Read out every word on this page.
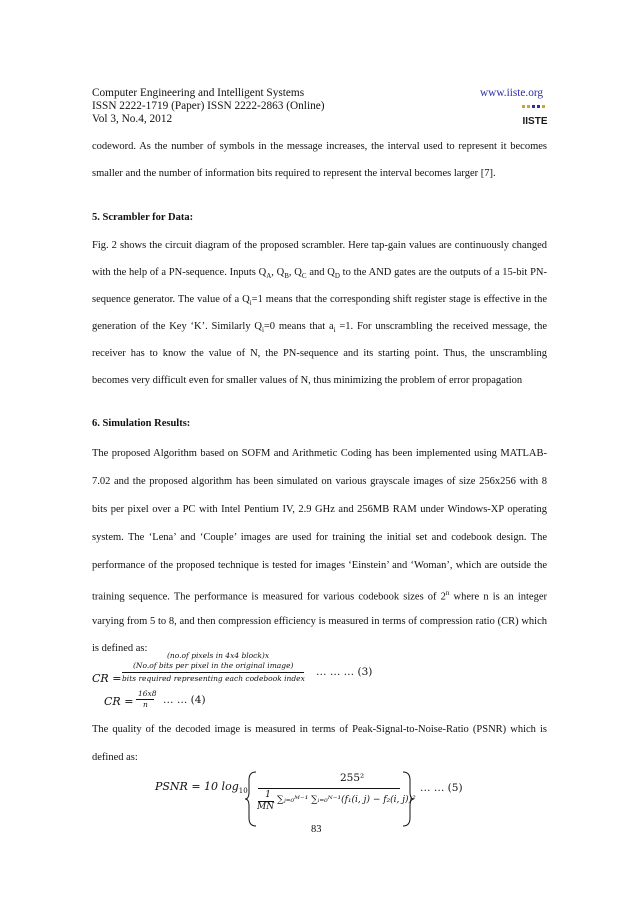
Computer Engineering and Intelligent Systems
ISSN 2222-1719 (Paper) ISSN 2222-2863 (Online)
Vol 3, No.4, 2012
www.iiste.org
IISTE
codeword. As the number of symbols in the message increases, the interval used to represent it becomes
smaller and the number of information bits required to represent the interval becomes larger [7].
5. Scrambler for Data:
Fig. 2 shows the circuit diagram of the proposed scrambler. Here tap-gain values are continuously changed
with the help of a PN-sequence. Inputs $Q_A$, $Q_B$, $Q_C$ and $Q_D$ to the AND gates are the outputs of a 15-bit PN-
sequence generator. The value of a $Q_i=1$ means that the corresponding shift register stage is effective in the
generation of the Key ‘K’. Similarly $Q_i=0$ means that $a_i =1$. For unscrambling the received message, the
receiver has to know the value of N, the PN-sequence and its starting point. Thus, the unscrambling
becomes very difficult even for smaller values of N, thus minimizing the problem of error propagation
6. Simulation Results:
The proposed Algorithm based on SOFM and Arithmetic Coding has been implemented using MATLAB-
7.02 and the proposed algorithm has been simulated on various grayscale images of size 256x256 with 8
bits per pixel over a PC with Intel Pentium IV, 2.9 GHz and 256MB RAM under Windows-XP operating
system. The ‘Lena’ and ‘Couple’ images are used for training the initial set and codebook design. The
performance of the proposed technique is tested for images ‘Einstein’ and ‘Woman’, which are outside the
training sequence. The performance is measured for various codebook sizes of 2$^n$ where n is an integer
varying from 5 to 8, and then compression efficiency is measured in terms of compression ratio (CR) which
is defined as:
CR =
(no.of pixels in 4x4 block)x
(No.of bits per pixel in the original image)
bits required representing each codebook index
… … … (3)
CR =
16x8
n … … (4)
The quality of the decoded image is measured in terms of Peak-Signal-to-Noise-Ratio (PSNR) which is
defined as:
PSNR = 10 $\log_{10}$
255²
1
MN
∑ⱼ₌₀ᴹ⁻¹ ∑ᵢ₌₀ᴺ⁻¹(f₁(i, j) − f₂(i, j))²
… … (5)
83
